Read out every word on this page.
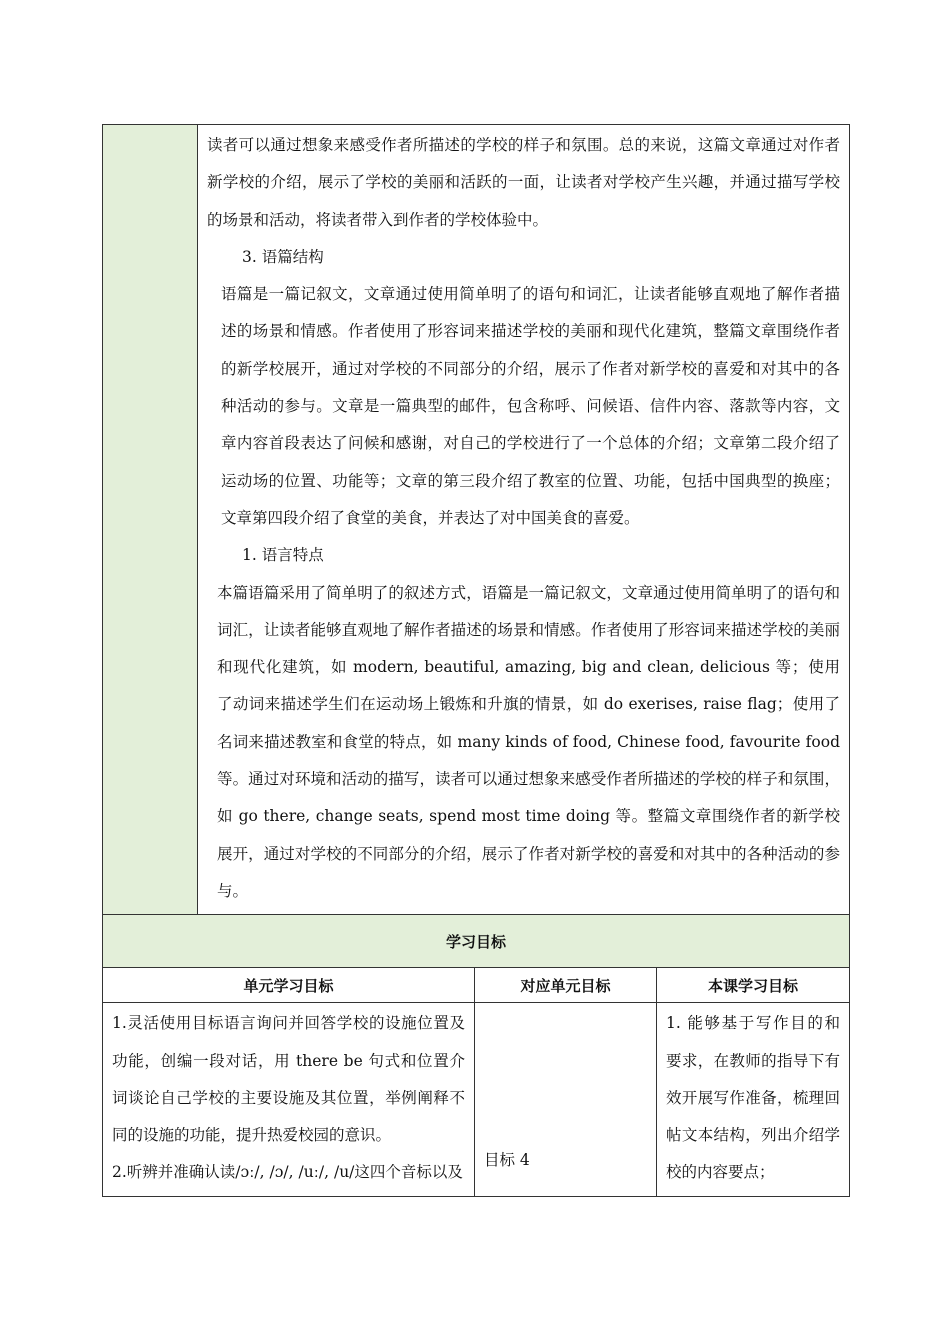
读者可以通过想象来感受作者所描述的学校的样子和氛围。总的来说，这篇文章通过对作者新学校的介绍，展示了学校的美丽和活跃的一面，让读者对学校产生兴趣，并通过描写学校的场景和活动，将读者带入到作者的学校体验中。

3. 语篇结构

语篇是一篇记叙文，文章通过使用简单明了的语句和词汇，让读者能够直观地了解作者描述的场景和情感。作者使用了形容词来描述学校的美丽和现代化建筑，整篇文章围绕作者的新学校展开，通过对学校的不同部分的介绍，展示了作者对新学校的喜爱和对其中的各种活动的参与。文章是一篇典型的邮件，包含称呼、问候语、信件内容、落款等内容，文章内容首段表达了问候和感谢，对自己的学校进行了一个总体的介绍；文章第二段介绍了运动场的位置、功能等；文章的第三段介绍了教室的位置、功能，包括中国典型的换座；文章第四段介绍了食堂的美食，并表达了对中国美食的喜爱。

1. 语言特点

本篇语篇采用了简单明了的叙述方式，语篇是一篇记叙文，文章通过使用简单明了的语句和词汇，让读者能够直观地了解作者描述的场景和情感。作者使用了形容词来描述学校的美丽和现代化建筑，如 modern, beautiful, amazing, big and clean, delicious 等；使用了动词来描述学生们在运动场上锻炼和升旗的情景，如 do exerises, raise flag；使用了名词来描述教室和食堂的特点，如 many kinds of food, Chinese food, favourite food 等。通过对环境和活动的描写，读者可以通过想象来感受作者所描述的学校的样子和氛围，如 go there, change seats, spend most time doing 等。整篇文章围绕作者的新学校展开，通过对学校的不同部分的介绍，展示了作者对新学校的喜爱和对其中的各种活动的参与。

学习目标		
单元学习目标	对应单元目标	本课学习目标

1.灵活使用目标语言询问并回答学校的设施位置及功能，创编一段对话，用 there be 句式和位置介词谈论自己学校的主要设施及其位置，举例阐释不同的设施的功能，提升热爱校园的意识。

2.听辨并准确认读/ɔː/, /ɔ/, /uː/, /u/这四个音标以及	目标 4	1. 能够基于写作目的和要求，在教师的指导下有效开展写作准备，梳理回帖文本结构，列出介绍学校的内容要点；
